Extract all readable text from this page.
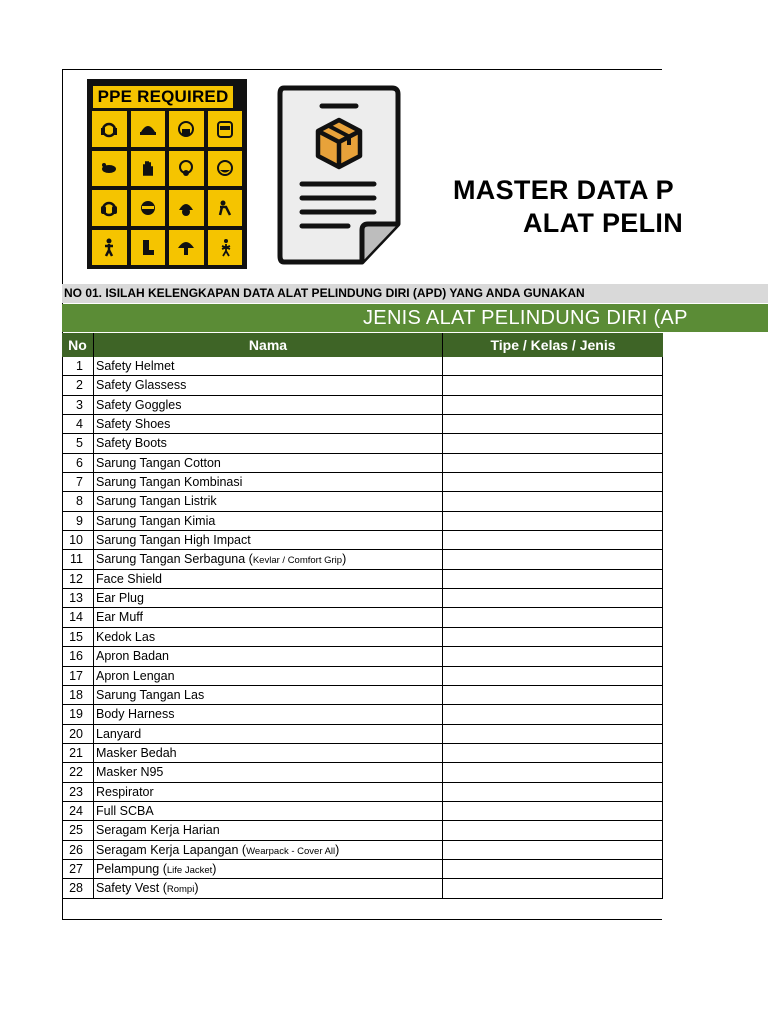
PPE REQUIRED
MASTER DATA P
ALAT PELIN
NO 01. ISILAH KELENGKAPAN DATA ALAT PELINDUNG DIRI (APD) YANG ANDA GUNAKAN
JENIS ALAT PELINDUNG DIRI (AP
No	Nama	Tipe / Kelas / Jenis
1	Safety Helmet
2	Safety Glassess
3	Safety Goggles
4	Safety Shoes
5	Safety Boots
6	Sarung Tangan Cotton
7	Sarung Tangan Kombinasi
8	Sarung Tangan Listrik
9	Sarung Tangan Kimia
10	Sarung Tangan High Impact
11	Sarung Tangan Serbaguna (Kevlar / Comfort Grip)
12	Face Shield
13	Ear Plug
14	Ear Muff
15	Kedok Las
16	Apron Badan
17	Apron Lengan
18	Sarung Tangan Las
19	Body Harness
20	Lanyard
21	Masker Bedah
22	Masker N95
23	Respirator
24	Full SCBA
25	Seragam Kerja Harian
26	Seragam Kerja Lapangan (Wearpack - Cover All)
27	Pelampung (Life Jacket)
28	Safety Vest (Rompi)
